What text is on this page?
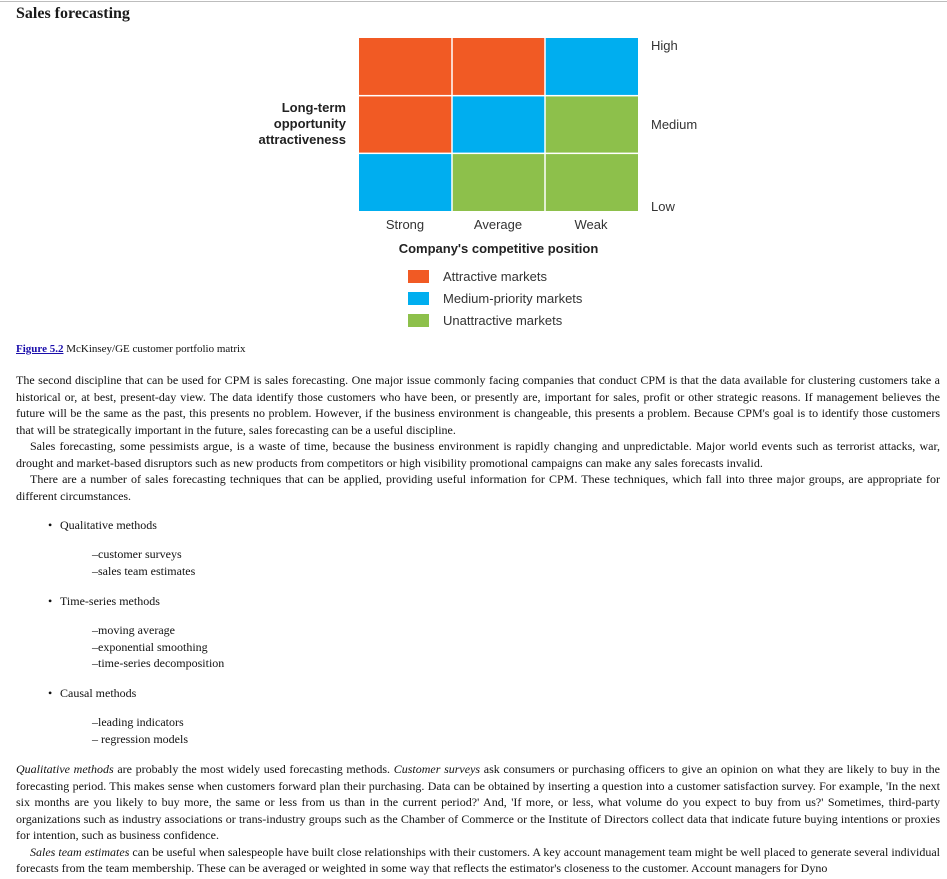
Sales forecasting
Long-term
opportunity
attractiveness
High
Medium
Low
Strong	Average	Weak
Company's competitive position
Attractive markets
Medium-priority markets
Unattractive markets
Figure 5.2 McKinsey/GE customer portfolio matrix

The second discipline that can be used for CPM is sales forecasting. One major issue commonly facing companies that conduct CPM is that the data available for clustering customers take a historical or, at best, present-day view. The data identify those customers who have been, or presently are, important for sales, profit or other strategic reasons. If management believes the future will be the same as the past, this presents no problem. However, if the business environment is changeable, this presents a problem. Because CPM's goal is to identify those customers that will be strategically important in the future, sales forecasting can be a useful discipline.

Sales forecasting, some pessimists argue, is a waste of time, because the business environment is rapidly changing and unpredictable. Major world events such as terrorist attacks, war, drought and market-based disruptors such as new products from competitors or high visibility promotional campaigns can make any sales forecasts invalid.

There are a number of sales forecasting techniques that can be applied, providing useful information for CPM. These techniques, which fall into three major groups, are appropriate for different circumstances.

• Qualitative methods
–customer surveys
–sales team estimates
• Time-series methods
–moving average
–exponential smoothing
–time-series decomposition
• Causal methods
–leading indicators
– regression models

Qualitative methods are probably the most widely used forecasting methods. Customer surveys ask consumers or purchasing officers to give an opinion on what they are likely to buy in the forecasting period. This makes sense when customers forward plan their purchasing. Data can be obtained by inserting a question into a customer satisfaction survey. For example, 'In the next six months are you likely to buy more, the same or less from us than in the current period?' And, 'If more, or less, what volume do you expect to buy from us?' Sometimes, third-party organizations such as industry associations or trans-industry groups such as the Chamber of Commerce or the Institute of Directors collect data that indicate future buying intentions or proxies for intention, such as business confidence.

Sales team estimates can be useful when salespeople have built close relationships with their customers. A key account management team might be well placed to generate several individual forecasts from the team membership. These can be averaged or weighted in some way that reflects the estimator's closeness to the customer. Account managers for Dyno
